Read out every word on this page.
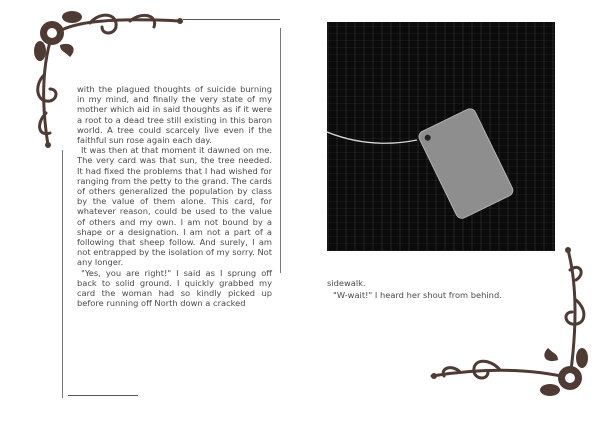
with the plagued thoughts of suicide burning in my mind, and finally the very state of my mother which aid in said thoughts as if it were a root to a dead tree still existing in this baron world. A tree could scarcely live even if the faithful sun rose again each day.

It was then at that moment it dawned on me. The very card was that sun, the tree needed. It had fixed the problems that I had wished for ranging from the petty to the grand. The cards of others generalized the population by class by the value of them alone. This card, for whatever reason, could be used to the value of others and my own. I am not bound by a shape or a designation. I am not a part of a following that sheep follow. And surely, I am not entrapped by the isolation of my sorry. Not any longer.

"Yes, you are right!" I said as I sprung off back to solid ground. I quickly grabbed my card the woman had so kindly picked up before running off North down a cracked

sidewalk.

"W-wait!" I heard her shout from behind.
